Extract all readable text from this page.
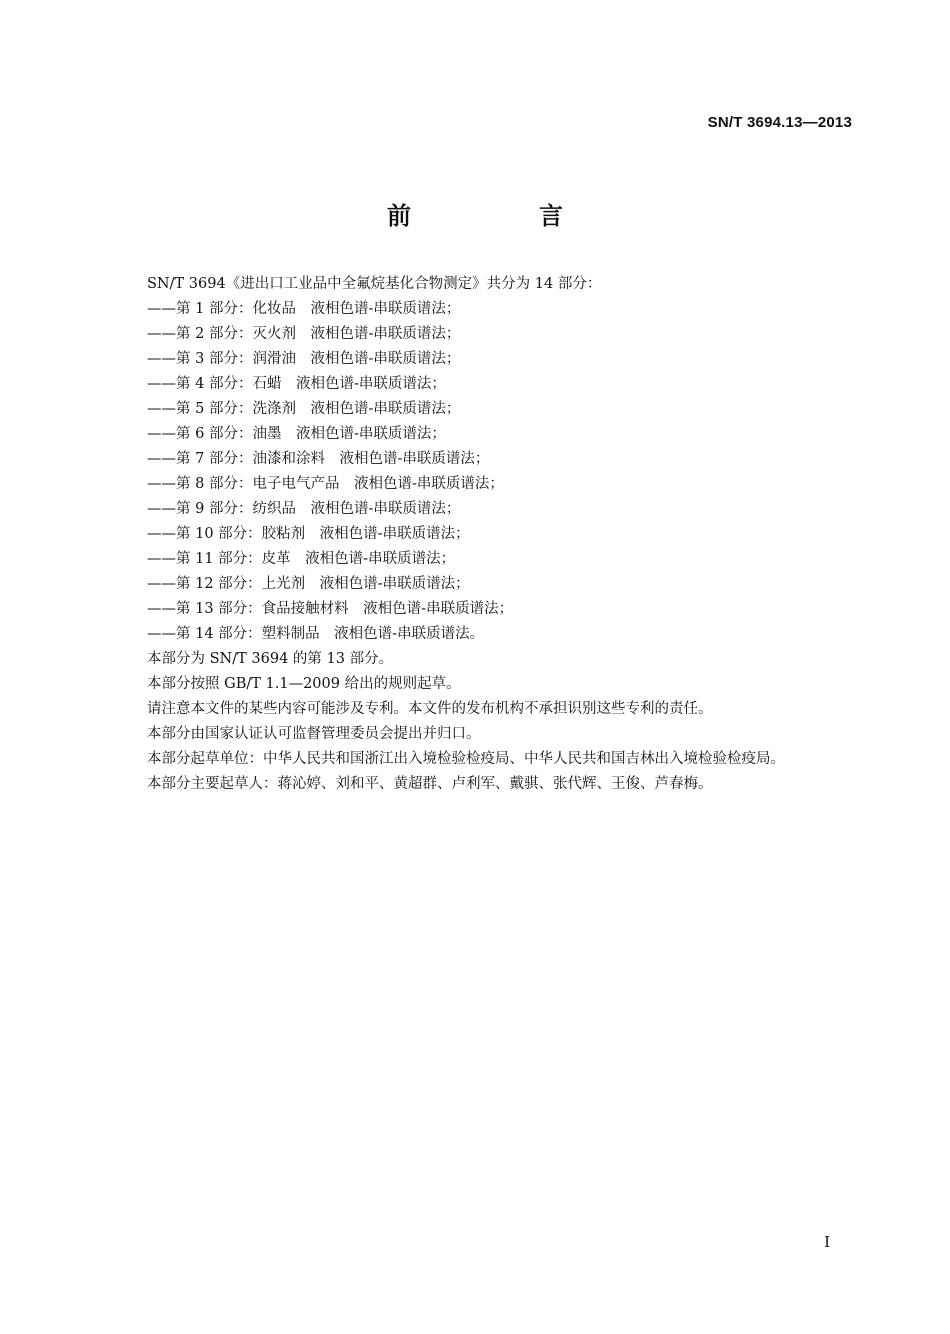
SN/T 3694.13—2013
前　言

SN/T 3694《进出口工业品中全氟烷基化合物测定》共分为 14 部分：

——第 1 部分：化妆品　液相色谱-串联质谱法；

——第 2 部分：灭火剂　液相色谱-串联质谱法；

——第 3 部分：润滑油　液相色谱-串联质谱法；

——第 4 部分：石蜡　液相色谱-串联质谱法；

——第 5 部分：洗涤剂　液相色谱-串联质谱法；

——第 6 部分：油墨　液相色谱-串联质谱法；

——第 7 部分：油漆和涂料　液相色谱-串联质谱法；

——第 8 部分：电子电气产品　液相色谱-串联质谱法；

——第 9 部分：纺织品　液相色谱-串联质谱法；

——第 10 部分：胶粘剂　液相色谱-串联质谱法；

——第 11 部分：皮革　液相色谱-串联质谱法；

——第 12 部分：上光剂　液相色谱-串联质谱法；

——第 13 部分：食品接触材料　液相色谱-串联质谱法；

——第 14 部分：塑料制品　液相色谱-串联质谱法。

本部分为 SN/T 3694 的第 13 部分。

本部分按照 GB/T 1.1—2009 给出的规则起草。

请注意本文件的某些内容可能涉及专利。本文件的发布机构不承担识别这些专利的责任。

本部分由国家认证认可监督管理委员会提出并归口。

本部分起草单位：中华人民共和国浙江出入境检验检疫局、中华人民共和国吉林出入境检验检疫局。

本部分主要起草人：蒋沁婷、刘和平、黄超群、卢利军、戴骐、张代辉、王俊、芦春梅。

I
